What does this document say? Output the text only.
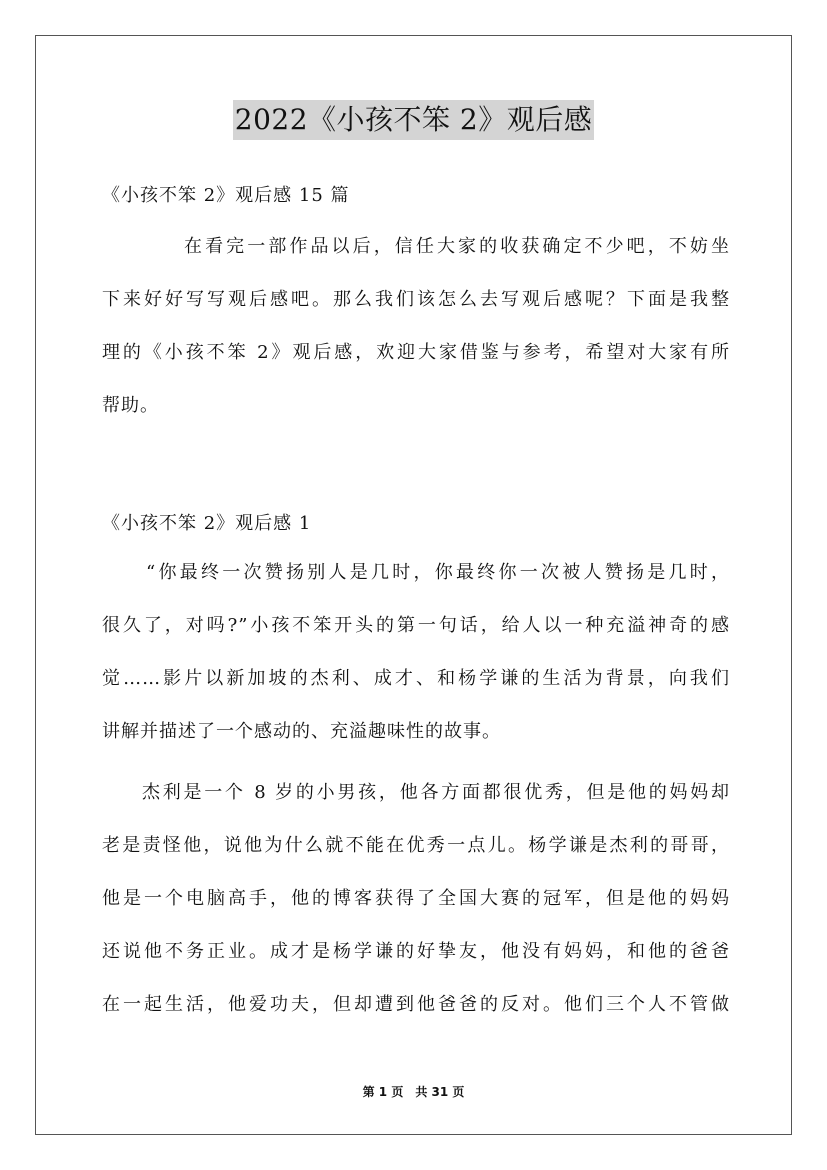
2022《小孩不笨 2》观后感
《小孩不笨 2》观后感 15 篇
在看完一部作品以后，信任大家的收获确定不少吧，不妨坐
下来好好写写观后感吧。那么我们该怎么去写观后感呢？下面是我整
理的《小孩不笨 2》观后感，欢迎大家借鉴与参考，希望对大家有所
帮助。
《小孩不笨 2》观后感 1
“你最终一次赞扬别人是几时，你最终你一次被人赞扬是几时，
很久了，对吗?”小孩不笨开头的第一句话，给人以一种充溢神奇的感
觉……影片以新加坡的杰利、成才、和杨学谦的生活为背景，向我们
讲解并描述了一个感动的、充溢趣味性的故事。
杰利是一个 8 岁的小男孩，他各方面都很优秀，但是他的妈妈却
老是责怪他，说他为什么就不能在优秀一点儿。杨学谦是杰利的哥哥，
他是一个电脑高手，他的博客获得了全国大赛的冠军，但是他的妈妈
还说他不务正业。成才是杨学谦的好挚友，他没有妈妈，和他的爸爸
在一起生活，他爱功夫，但却遭到他爸爸的反对。他们三个人不管做
第 1 页　共 31 页
